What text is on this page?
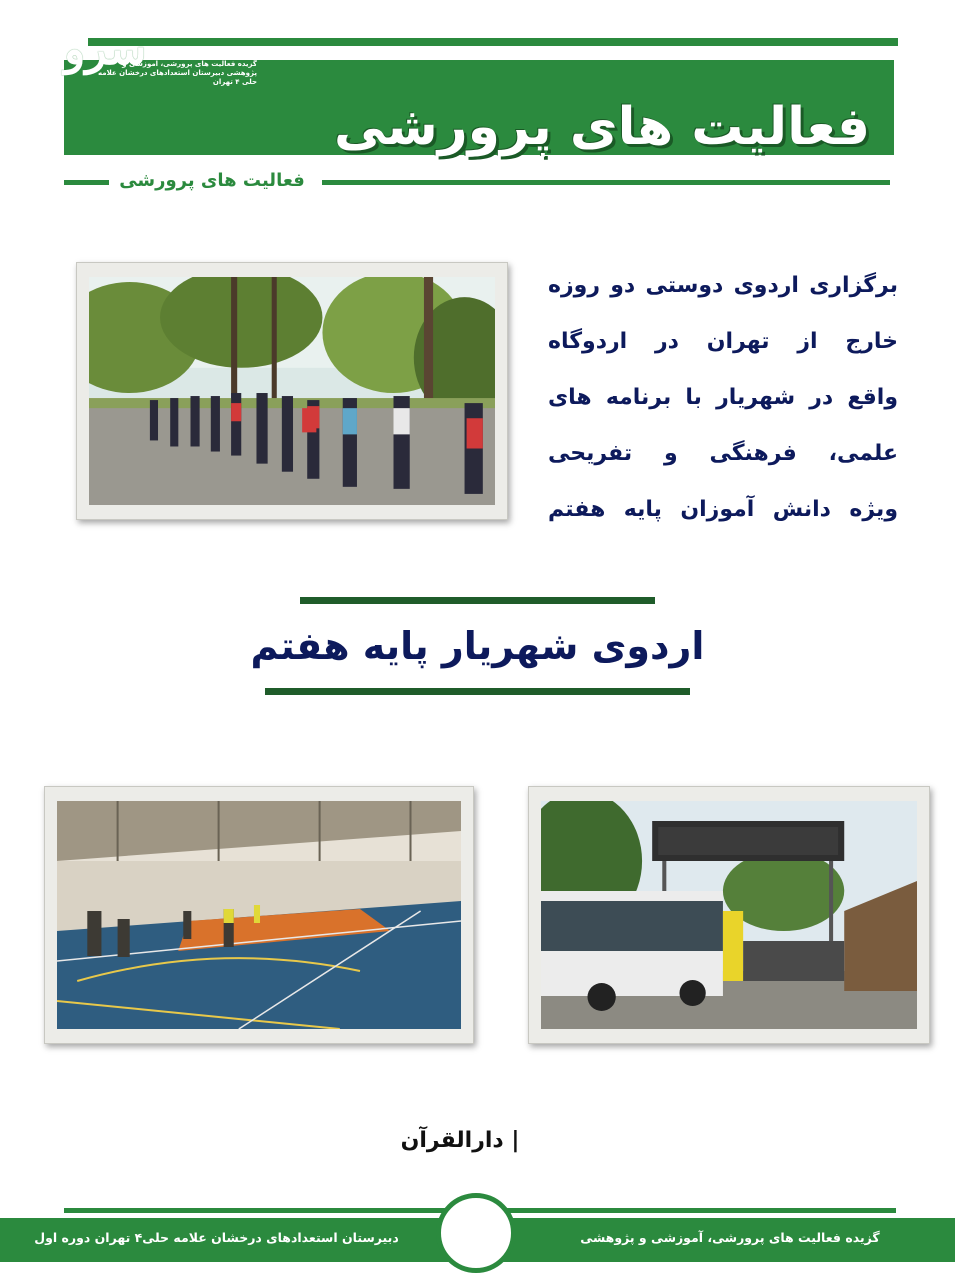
سرو
گزیده فعالیت های پرورشی، آموزشی و پژوهشی دبیرستان استعدادهای درخشان علامه حلی ۴ تهران
فعالیت های پرورشی
فعالیت های پرورشی
برگزاری اردوی دوستی دو روزه
خارج از تهران در اردوگاه
واقع در شهریار با برنامه های
علمی، فرهنگی و تفریحی
ویژه دانش آموزان پایه هفتم
اردوی شهریار پایه هفتم
| دارالقرآن
دبیرستان استعدادهای درخشان علامه حلی۴ تهران دوره اول	گزیده فعالیت های پرورشی، آموزشی و پژوهشی
